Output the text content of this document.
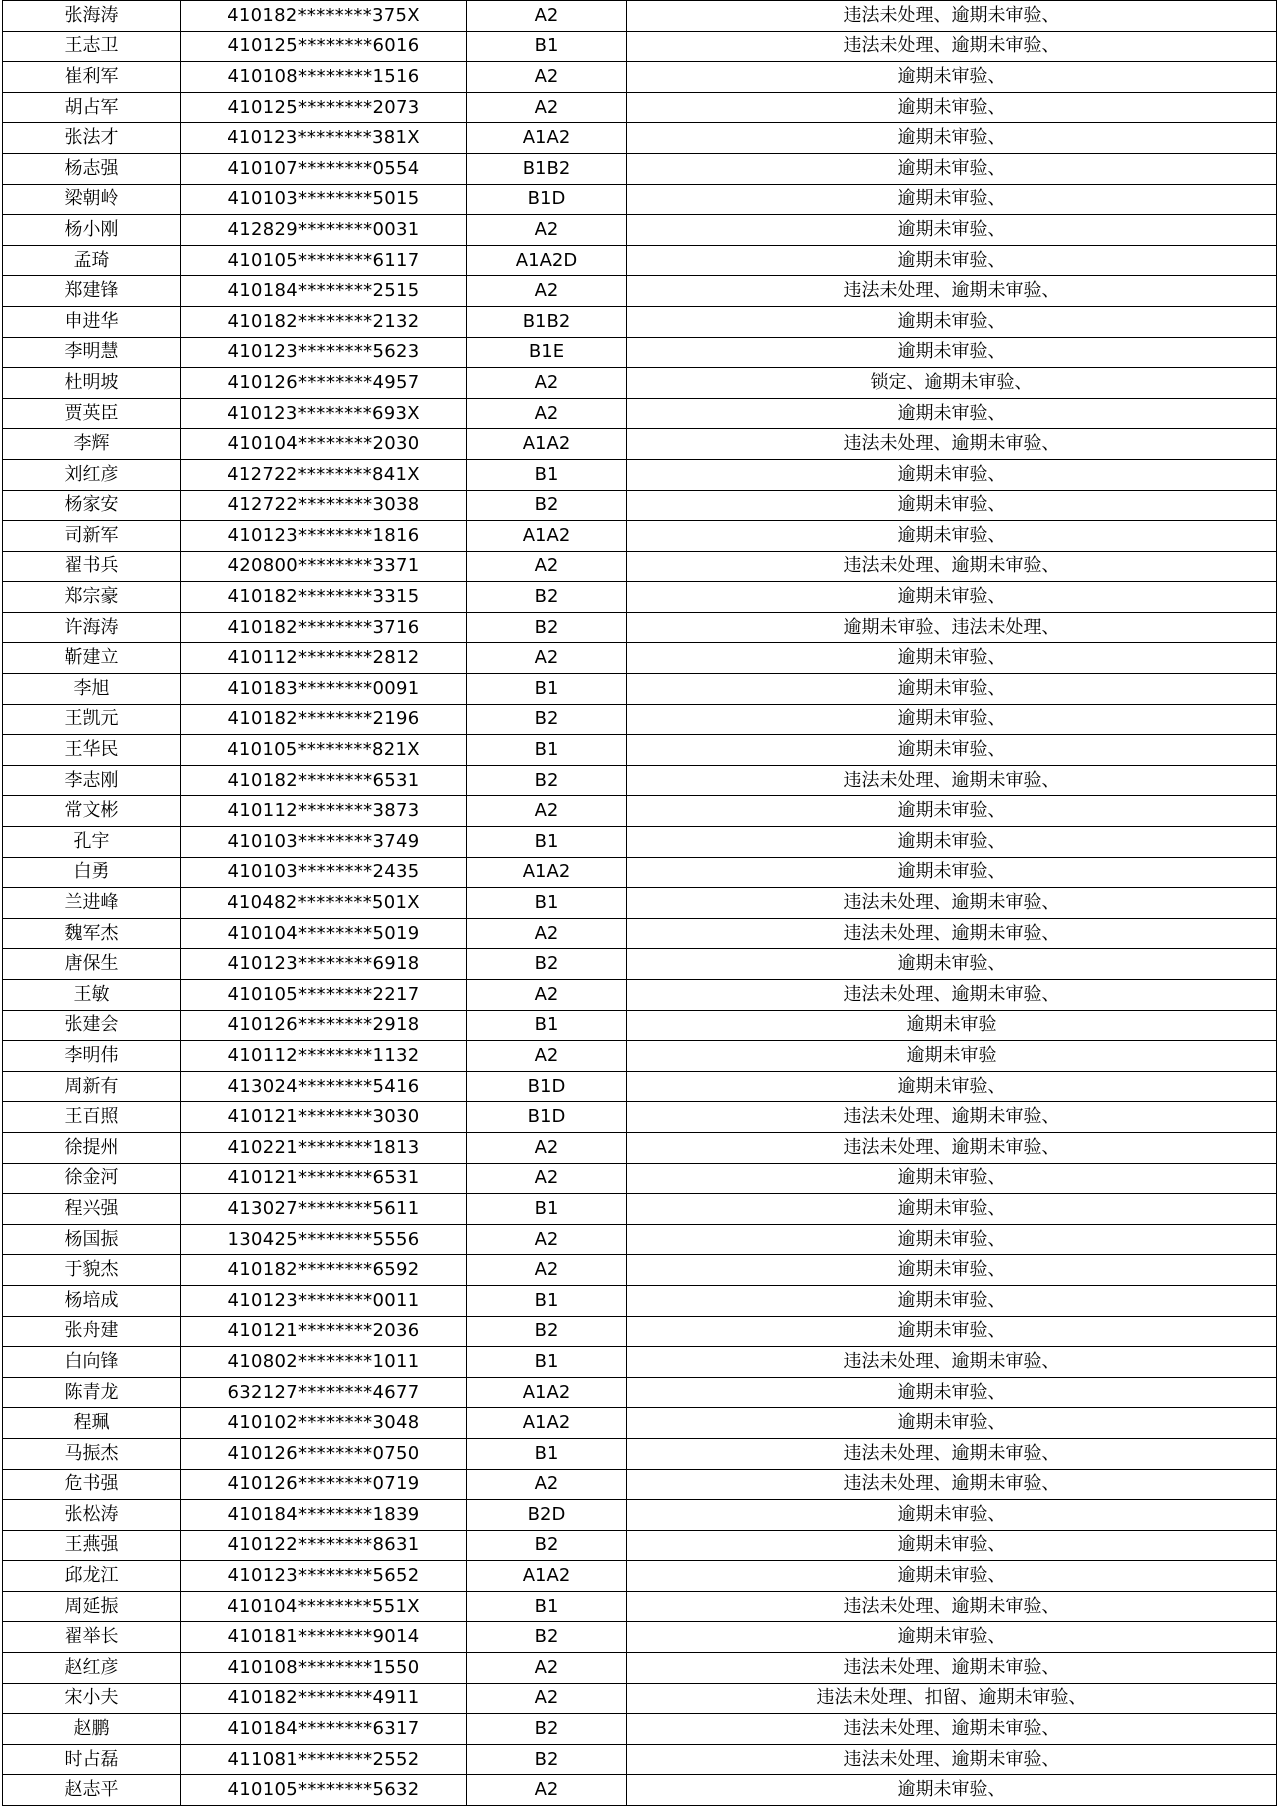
张海涛	410182********375X	A2	违法未处理、逾期未审验、
王志卫	410125********6016	B1	违法未处理、逾期未审验、
崔利军	410108********1516	A2	逾期未审验、
胡占军	410125********2073	A2	逾期未审验、
张法才	410123********381X	A1A2	逾期未审验、
杨志强	410107********0554	B1B2	逾期未审验、
梁朝岭	410103********5015	B1D	逾期未审验、
杨小刚	412829********0031	A2	逾期未审验、
孟琦	410105********6117	A1A2D	逾期未审验、
郑建锋	410184********2515	A2	违法未处理、逾期未审验、
申进华	410182********2132	B1B2	逾期未审验、
李明慧	410123********5623	B1E	逾期未审验、
杜明坡	410126********4957	A2	锁定、逾期未审验、
贾英臣	410123********693X	A2	逾期未审验、
李辉	410104********2030	A1A2	违法未处理、逾期未审验、
刘红彦	412722********841X	B1	逾期未审验、
杨家安	412722********3038	B2	逾期未审验、
司新军	410123********1816	A1A2	逾期未审验、
翟书兵	420800********3371	A2	违法未处理、逾期未审验、
郑宗豪	410182********3315	B2	逾期未审验、
许海涛	410182********3716	B2	逾期未审验、违法未处理、
靳建立	410112********2812	A2	逾期未审验、
李旭	410183********0091	B1	逾期未审验、
王凯元	410182********2196	B2	逾期未审验、
王华民	410105********821X	B1	逾期未审验、
李志刚	410182********6531	B2	违法未处理、逾期未审验、
常文彬	410112********3873	A2	逾期未审验、
孔宇	410103********3749	B1	逾期未审验、
白勇	410103********2435	A1A2	逾期未审验、
兰进峰	410482********501X	B1	违法未处理、逾期未审验、
魏军杰	410104********5019	A2	违法未处理、逾期未审验、
唐保生	410123********6918	B2	逾期未审验、
王敏	410105********2217	A2	违法未处理、逾期未审验、
张建会	410126********2918	B1	逾期未审验
李明伟	410112********1132	A2	逾期未审验
周新有	413024********5416	B1D	逾期未审验、
王百照	410121********3030	B1D	违法未处理、逾期未审验、
徐提州	410221********1813	A2	违法未处理、逾期未审验、
徐金河	410121********6531	A2	逾期未审验、
程兴强	413027********5611	B1	逾期未审验、
杨国振	130425********5556	A2	逾期未审验、
于貌杰	410182********6592	A2	逾期未审验、
杨培成	410123********0011	B1	逾期未审验、
张舟建	410121********2036	B2	逾期未审验、
白向锋	410802********1011	B1	违法未处理、逾期未审验、
陈青龙	632127********4677	A1A2	逾期未审验、
程珮	410102********3048	A1A2	逾期未审验、
马振杰	410126********0750	B1	违法未处理、逾期未审验、
危书强	410126********0719	A2	违法未处理、逾期未审验、
张松涛	410184********1839	B2D	逾期未审验、
王燕强	410122********8631	B2	逾期未审验、
邱龙江	410123********5652	A1A2	逾期未审验、
周延振	410104********551X	B1	违法未处理、逾期未审验、
翟举长	410181********9014	B2	逾期未审验、
赵红彦	410108********1550	A2	违法未处理、逾期未审验、
宋小夫	410182********4911	A2	违法未处理、扣留、逾期未审验、
赵鹏	410184********6317	B2	违法未处理、逾期未审验、
时占磊	411081********2552	B2	违法未处理、逾期未审验、
赵志平	410105********5632	A2	逾期未审验、
